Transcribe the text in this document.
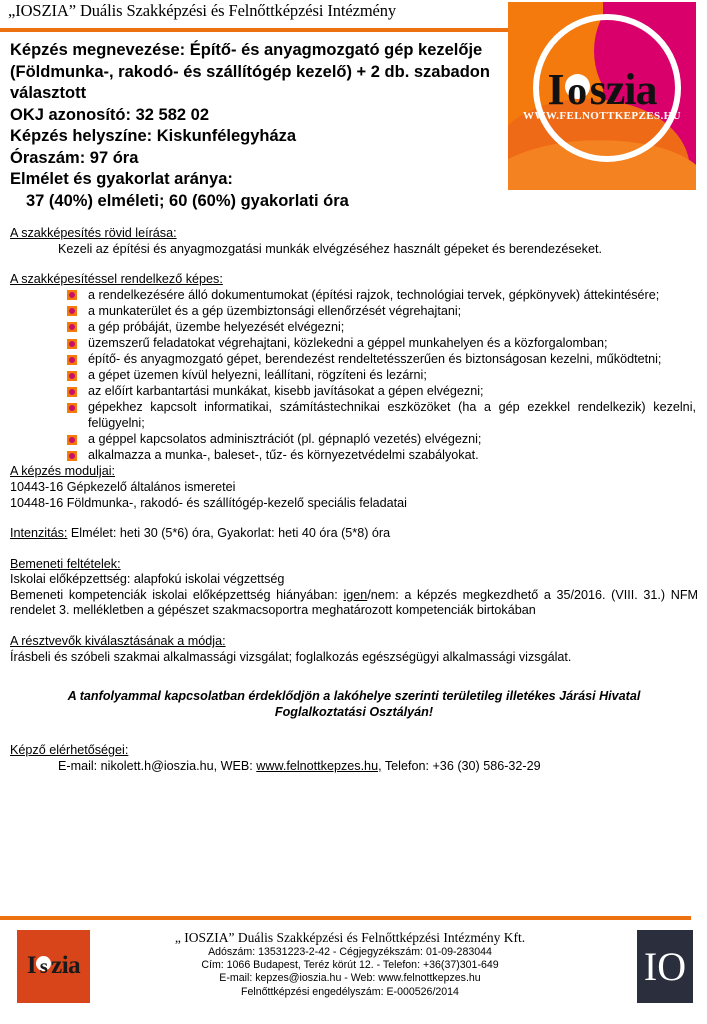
„IOSZIA” Duális Szakképzési és Felnőttképzési Intézmény
I
oszia
WWW.FELNOTTKEPZES.HU
Képzés megnevezése: Építő- és anyagmozgató gép kezelője (Földmunka-, rakodó- és szállítógép kezelő) + 2 db. szabadon választott
OKJ azonosító: 32 582 02
Képzés helyszíne: Kiskunfélegyháza
Óraszám: 97 óra
Elmélet és gyakorlat aránya:
37 (40%) elméleti; 60 (60%) gyakorlati óra

A szakképesítés rövid leírása:

Kezeli az építési és anyagmozgatási munkák elvégzéséhez használt gépeket és berendezéseket.

A szakképesítéssel rendelkező képes:

a rendelkezésére álló dokumentumokat (építési rajzok, technológiai tervek, gépkönyvek) áttekintésére;
a munkaterület és a gép üzembiztonsági ellenőrzését végrehajtani;
a gép próbáját, üzembe helyezését elvégezni;
üzemszerű feladatokat végrehajtani, közlekedni a géppel munkahelyen és a közforgalomban;
építő- és anyagmozgató gépet, berendezést rendeltetésszerűen és biztonságosan kezelni, működtetni;
a gépet üzemen kívül helyezni, leállítani, rögzíteni és lezárni;
az előírt karbantartási munkákat, kisebb javításokat a gépen elvégezni;
gépekhez kapcsolt informatikai, számítástechnikai eszközöket (ha a gép ezekkel rendelkezik) kezelni, felügyelni;
a géppel kapcsolatos adminisztrációt (pl. gépnapló vezetés) elvégezni;
alkalmazza a munka-, baleset-, tűz- és környezetvédelmi szabályokat.

A képzés moduljai:

10443-16 Gépkezelő általános ismeretei

10448-16 Földmunka-, rakodó- és szállítógép-kezelő speciális feladatai

Intenzitás: Elmélet: heti 30 (5*6) óra, Gyakorlat: heti 40 óra (5*8) óra

Bemeneti feltételek:

Iskolai előképzettség: alapfokú iskolai végzettség

Bemeneti kompetenciák iskolai előképzettség hiányában: igen/nem: a képzés megkezdhető a 35/2016. (VIII. 31.) NFM rendelet 3. mellékletben a gépészet szakmacsoportra meghatározott kompetenciák birtokában

A résztvevők kiválasztásának a módja:

Írásbeli és szóbeli szakmai alkalmassági vizsgálat; foglalkozás egészségügyi alkalmassági vizsgálat.

A tanfolyammal kapcsolatban érdeklődjön a lakóhelye szerinti területileg illetékes Járási Hivatal Foglalkoztatási Osztályán!

Képző elérhetőségei:

E-mail: nikolett.h@ioszia.hu, WEB: www.felnottkepzes.hu, Telefon: +36 (30) 586-32-29

I s zia

„ IOSZIA” Duális Szakképzési és Felnőttképzési Intézmény Kft.

Adószám: 13531223-2-42 - Cégjegyzékszám: 01-09-283044

Cím: 1066 Budapest, Teréz körút 12. - Telefon: +36(37)301-649

E-mail: kepzes@ioszia.hu - Web: www.felnottkepzes.hu

Felnőttképzési engedélyszám: E-000526/2014

IO
